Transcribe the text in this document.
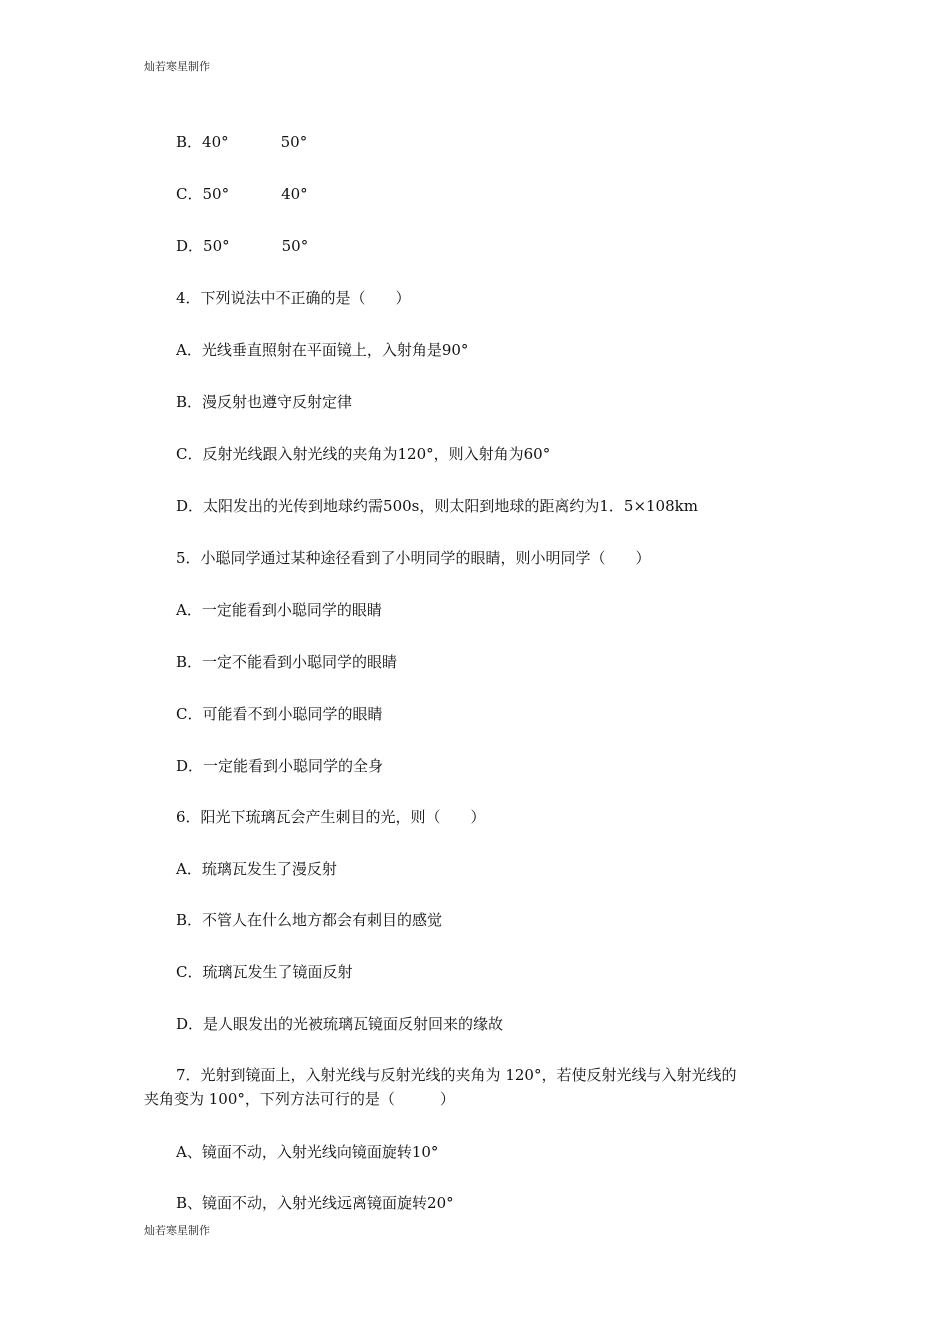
灿若寒星制作
B．40°	50°
C．50°	40°
D．50°	50°
4．下列说法中不正确的是（　　）
A．光线垂直照射在平面镜上，入射角是90°
B．漫反射也遵守反射定律
C．反射光线跟入射光线的夹角为120°，则入射角为60°
D．太阳发出的光传到地球约需500s，则太阳到地球的距离约为1．5×108km
5．小聪同学通过某种途径看到了小明同学的眼睛，则小明同学（　　）
A．一定能看到小聪同学的眼睛
B．一定不能看到小聪同学的眼睛
C．可能看不到小聪同学的眼睛
D．一定能看到小聪同学的全身
6．阳光下琉璃瓦会产生刺目的光，则（　　）
A．琉璃瓦发生了漫反射
B．不管人在什么地方都会有刺目的感觉
C．琉璃瓦发生了镜面反射
D．是人眼发出的光被琉璃瓦镜面反射回来的缘故
7．光射到镜面上，入射光线与反射光线的夹角为 120°，若使反射光线与入射光线的
夹角变为 100°，下列方法可行的是（　　　）
A、镜面不动，入射光线向镜面旋转10°
B、镜面不动，入射光线远离镜面旋转20°
灿若寒星制作
